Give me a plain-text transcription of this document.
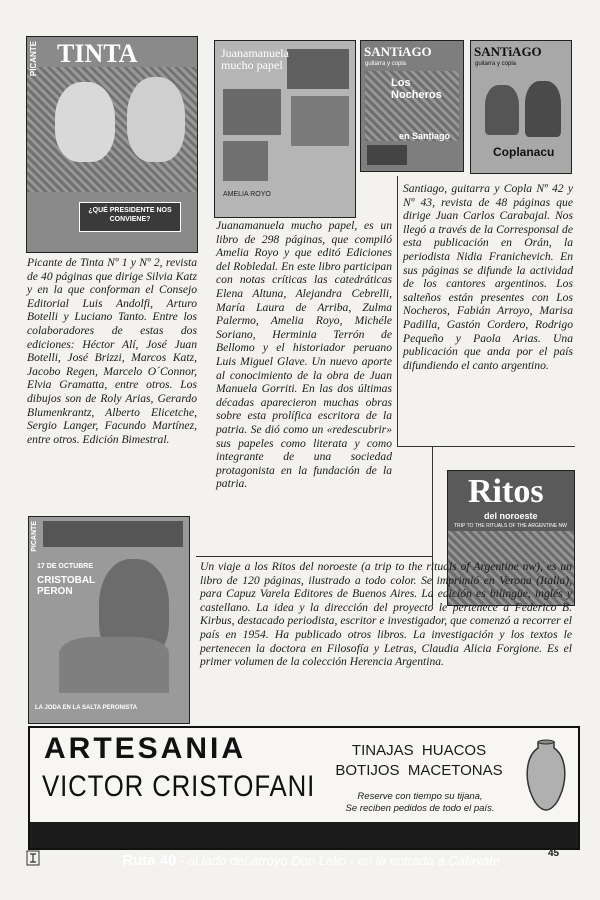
PICANTE TINTA
¿QUÉ PRESIDENTE NOS CONVIENE?
Juanamanuela mucho papel
AMELIA ROYO
SANTiAGO
guitarra y copla
Los Nocheros
en Santiago
SANTiAGO
guitarra y copla
Coplanacu

Picante de Tinta Nº 1 y Nº 2, revista de 40 páginas que dirige Silvia Katz y en la que conforman el Consejo Editorial Luis Andolfi, Arturo Botelli y Luciano Tanto. Entre los colaboradores de estas dos ediciones: Héctor Alí, José Juan Botelli, José Brizzi, Marcos Katz, Jacobo Regen, Marcelo O´Connor, Elvia Gramatta, entre otros. Los dibujos son de Roly Arias, Gerardo Blumenkrantz, Alberto Elicetche, Sergio Langer, Facundo Martínez, entre otros. Edición Bimestral.

Juanamanuela mucho papel, es un libro de 298 páginas, que compiló Amelia Royo y que editó Ediciones del Robledal. En este libro participan con notas críticas las catedráticas Elena Altuna, Alejandra Cebrelli, María Laura de Arriba, Zulma Palermo, Amelia Royo, Michéle Soriano, Herminia Terrón de Bellomo y el historiador peruano Luis Miguel Glave. Un nuevo aporte al conocimiento de la obra de Juan Manuela Gorriti. En las dos últimas décadas aparecieron muchas obras sobre esta prolífica escritora de la patria. Se dió como un «redescubrir» sus papeles como literata y como integrante de una sociedad protagonista en la fundación de la patria.

Santiago, guitarra y Copla Nº 42 y Nº 43, revista de 48 páginas que dirige Juan Carlos Carabajal. Nos llegó a través de la Corresponsal de esta publicación en Orán, la periodista Nidia Franichevich. En sus páginas se difunde la actividad de los cantores argentinos. Los salteños están presentes con Los Nocheros, Fabián Arroyo, Marisa Padilla, Gastón Cordero, Rodrigo Pequeño y Paola Arias. Una publicación que anda por el país difundiendo el canto argentino.

Ritos
del noroeste
TRIP TO THE RITUALS OF THE ARGENTINE NW
PICANTE
17 DE OCTUBRE
CRISTOBAL PERON
LA JODA EN LA SALTA PERONISTA

Un viaje a los Ritos del noroeste (a trip to the rituals of Argentine nw), es un libro de 120 páginas, ilustrado a todo color. Se imprimió en Verona (Italia), para Capuz Varela Editores de Buenos Aires. La edición es bilingüe, inglés y castellano. La idea y la dirección del proyecto le pertenece a Federico B. Kirbus, destacado periodista, escritor e investigador, que comenzó a recorrer el país en 1954. Ha publicado otros libros. La investigación y los textos le pertenecen la doctora en Filosofía y Letras, Claudia Alicia Forgione. Es el primer volumen de la colección Herencia Argentina.

ARTESANIA
VICTOR CRISTOFANI
TINAJAS  HUACOS
BOTIJOS  MACETONAS
Reserve con tiempo su tijana,
Se reciben pedidos de todo el país.

Ruta 40 - al lado del arroyo Don Lelio - en la entrada a Cafayate
	45
